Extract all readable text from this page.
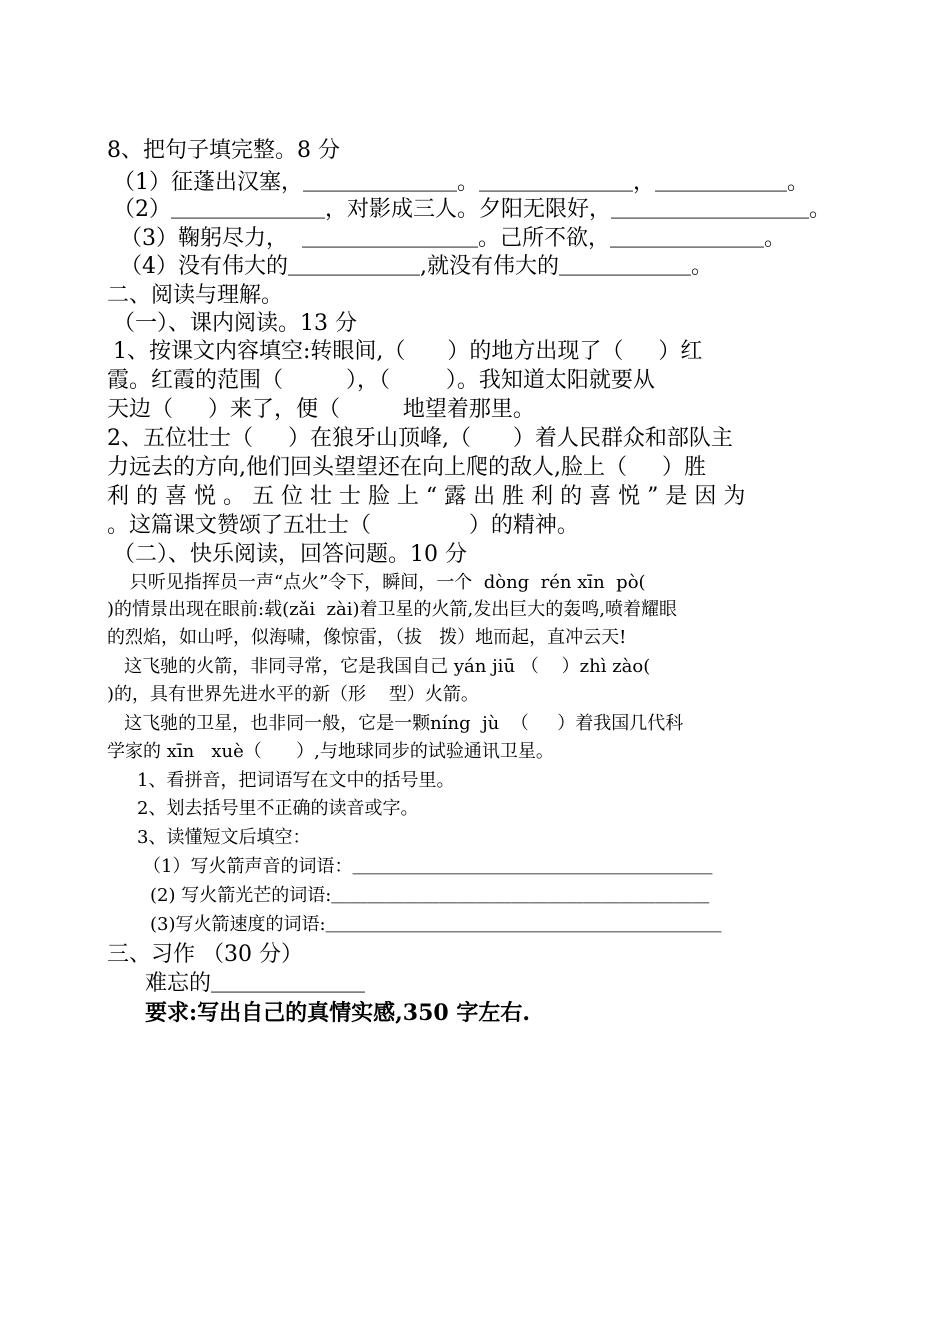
8、把句子填完整。8 分
（1）征蓬出汉塞，＿＿＿＿＿＿＿。＿＿＿＿＿＿＿，＿＿＿＿＿＿。
（2）＿＿＿＿＿＿＿，对影成三人。夕阳无限好，＿＿＿＿＿＿＿＿＿。
（3）鞠躬尽力，  ＿＿＿＿＿＿＿＿。己所不欲，＿＿＿＿＿＿＿。
（4）没有伟大的＿＿＿＿＿＿,就没有伟大的＿＿＿＿＿＿。
二、阅读与理解。
（一）、课内阅读。13 分
1、按课文内容填空:转眼间,（      ）的地方出现了（     ）红
霞。红霞的范围（         ），（        ）。我知道太阳就要从
天边（     ）来了，便（         地望着那里。
2、五位壮士（     ）在狼牙山顶峰,（      ）着人民群众和部队主
力远去的方向,他们回头望望还在向上爬的敌人,脸上（     ）胜
利 的 喜 悦 。 五 位 壮 士 脸 上 “ 露 出 胜 利 的 喜 悦 ” 是 因 为
。这篇课文赞颂了五壮士（              ）的精神。
（二）、快乐阅读，回答问题。10 分
只听见指挥员一声“点火”令下，瞬间，一个  dòng  rén xīn  pò(
)的情景出现在眼前:载(zǎi  zài)着卫星的火箭,发出巨大的轰鸣,喷着耀眼
的烈焰，如山呼，似海啸，像惊雷，（拔   拨）地而起，直冲云天!
这飞驰的火箭，非同寻常，它是我国自己 yán jiū （    ）zhì zào(
)的，具有世界先进水平的新（形    型）火箭。
这飞驰的卫星，也非同一般，它是一颗níng  jù  （     ）着我国几代科
学家的 xīn   xuè（      ）,与地球同步的试验通讯卫星。
1、看拼音，把词语写在文中的括号里。
2、划去括号里不正确的读音或字。
3、读懂短文后填空：
（1）写火箭声音的词语：＿＿＿＿＿＿＿＿＿＿＿＿＿＿＿＿＿＿＿＿
(2) 写火箭光芒的词语:＿＿＿＿＿＿＿＿＿＿＿＿＿＿＿＿＿＿＿＿＿
(3)写火箭速度的词语:＿＿＿＿＿＿＿＿＿＿＿＿＿＿＿＿＿＿＿＿＿＿
三、习作 （30 分）
难忘的＿＿＿＿＿＿＿
要求:写出自己的真情实感,350 字左右.
